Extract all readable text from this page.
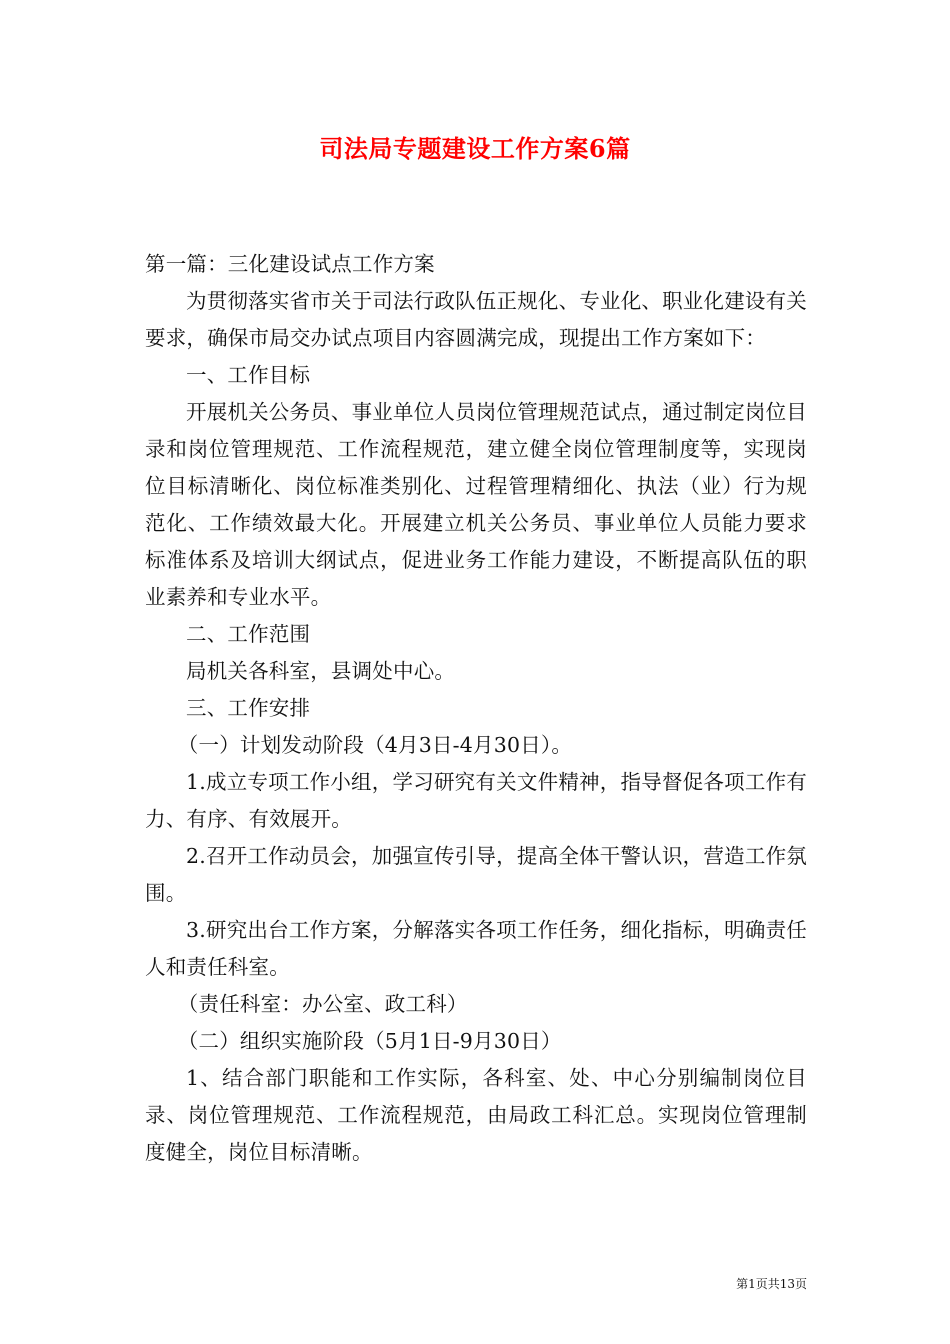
司法局专题建设工作方案6篇

第一篇：三化建设试点工作方案

为贯彻落实省市关于司法行政队伍正规化、专业化、职业化建设有关要求，确保市局交办试点项目内容圆满完成，现提出工作方案如下：

一、工作目标

开展机关公务员、事业单位人员岗位管理规范试点，通过制定岗位目录和岗位管理规范、工作流程规范，建立健全岗位管理制度等，实现岗位目标清晰化、岗位标准类别化、过程管理精细化、执法（业）行为规范化、工作绩效最大化。开展建立机关公务员、事业单位人员能力要求标准体系及培训大纲试点，促进业务工作能力建设，不断提高队伍的职业素养和专业水平。

二、工作范围

局机关各科室，县调处中心。

三、工作安排

（一）计划发动阶段（4月3日-4月30日）。

1.成立专项工作小组，学习研究有关文件精神，指导督促各项工作有力、有序、有效展开。

2.召开工作动员会，加强宣传引导，提高全体干警认识，营造工作氛围。

3.研究出台工作方案，分解落实各项工作任务，细化指标，明确责任人和责任科室。

（责任科室：办公室、政工科）

（二）组织实施阶段（5月1日-9月30日）

1、结合部门职能和工作实际，各科室、处、中心分别编制岗位目录、岗位管理规范、工作流程规范，由局政工科汇总。实现岗位管理制度健全，岗位目标清晰。

第1页共13页
